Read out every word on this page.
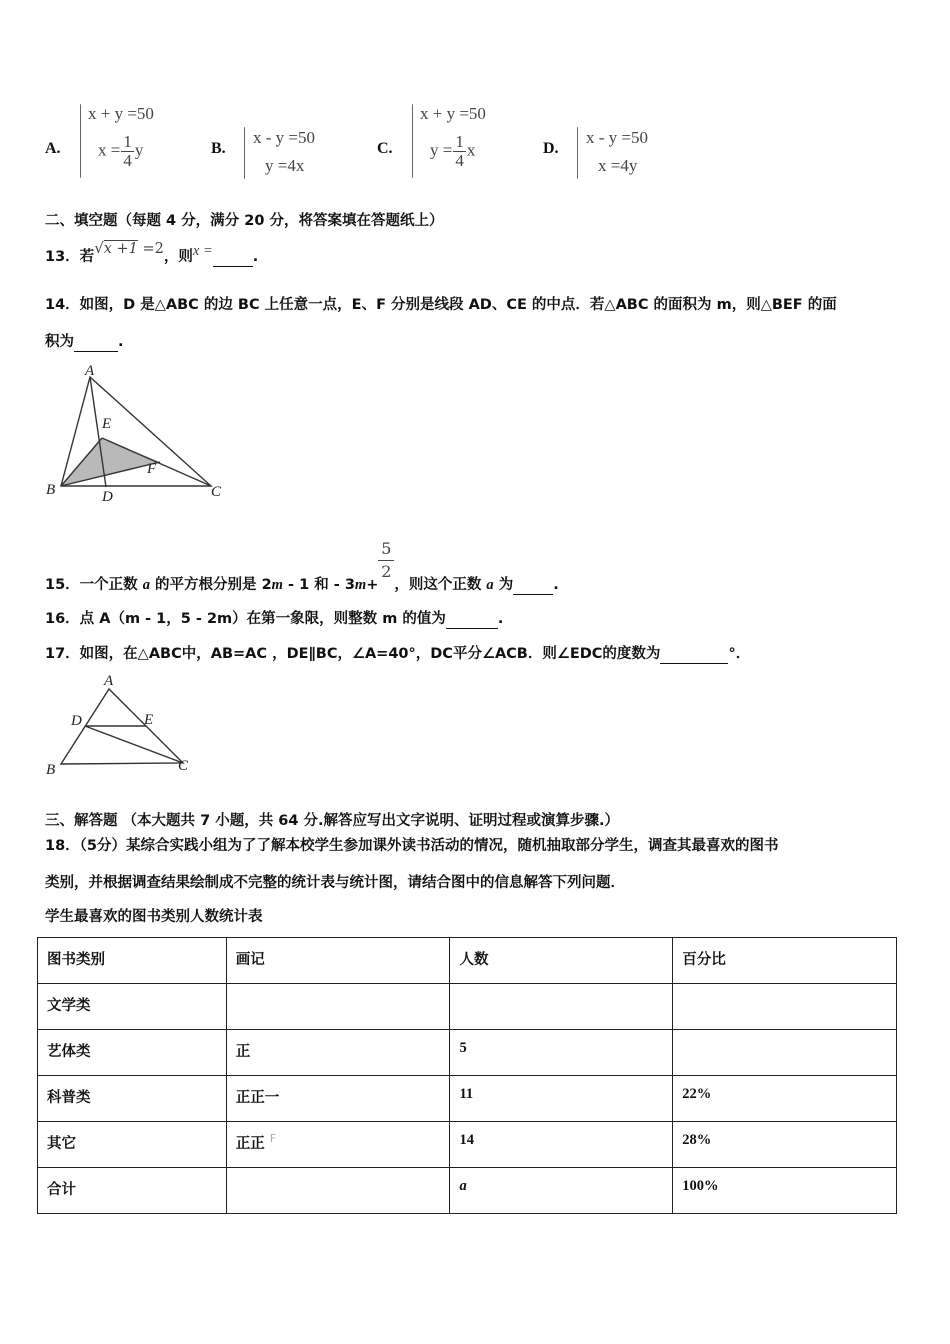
A.
x + y =50
$x = \frac{1}{4}$ y	B.
x - y =50
y =4x
C.
x + y =50
$y = \frac{1}{4}$ x	D.
x - y =50
x =4y
二、填空题（每题 4 分，满分 20 分，将答案填在答题纸上）
13．若√x +1 =2，则x =	.
14．如图，D 是△ABC 的边 BC 上任意一点，E、F 分别是线段 AD、CE 的中点．若△ABC 的面积为 m，则△BEF 的面
积为	.
A
E
F
B	D	C
15．一个正数 a 的平方根分别是 2m - 1 和 - 3m+
$\frac{5}{2}$
，则这个正数 a 为	.
16．点 A（m - 1，5 - 2m）在第一象限，则整数 m 的值为	.
17．如图，在△ABC中，AB=AC ，DE∥BC，∠A=40°，DC平分∠ACB．则∠EDC的度数为	°．
A
D	E
B	C
三、解答题 （本大题共 7 小题，共 64 分.解答应写出文字说明、证明过程或演算步骤.）
18．（5分）某综合实践小组为了了解本校学生参加课外读书活动的情况，随机抽取部分学生，调查其最喜欢的图书
类别，并根据调查结果绘制成不完整的统计表与统计图，请结合图中的信息解答下列问题．
学生最喜欢的图书类别人数统计表
图书类别	画记	人数	百分比
文学类			
艺体类	正	5	
科普类	正正一	11	22%
其它	正正 $^F$	14	28%
合计		a	100%
